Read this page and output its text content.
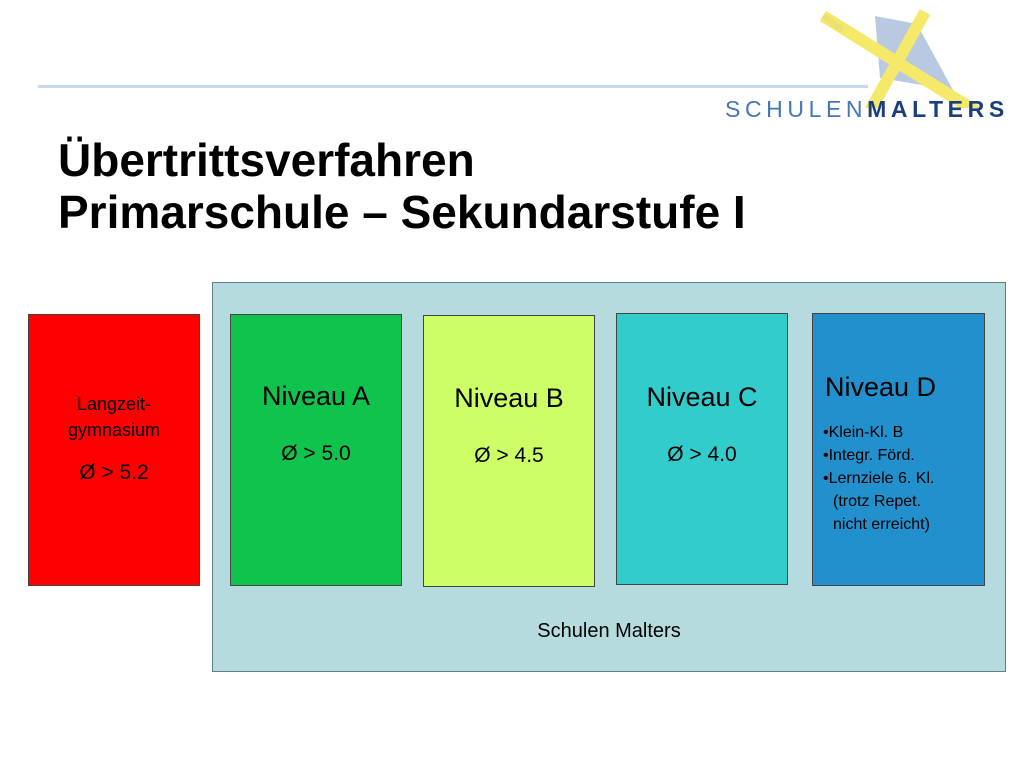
SCHULENMALTERS
Übertrittsverfahren
Primarschule – Sekundarstufe I
Schulen Malters
Langzeit-
gymnasium
Ø > 5.2
Niveau A
Ø > 5.0
Niveau B
Ø > 4.5
Niveau C
Ø > 4.0
Niveau D
•Klein-Kl. B
•Integr. Förd.
•Lernziele 6. Kl.
(trotz Repet.
nicht erreicht)
